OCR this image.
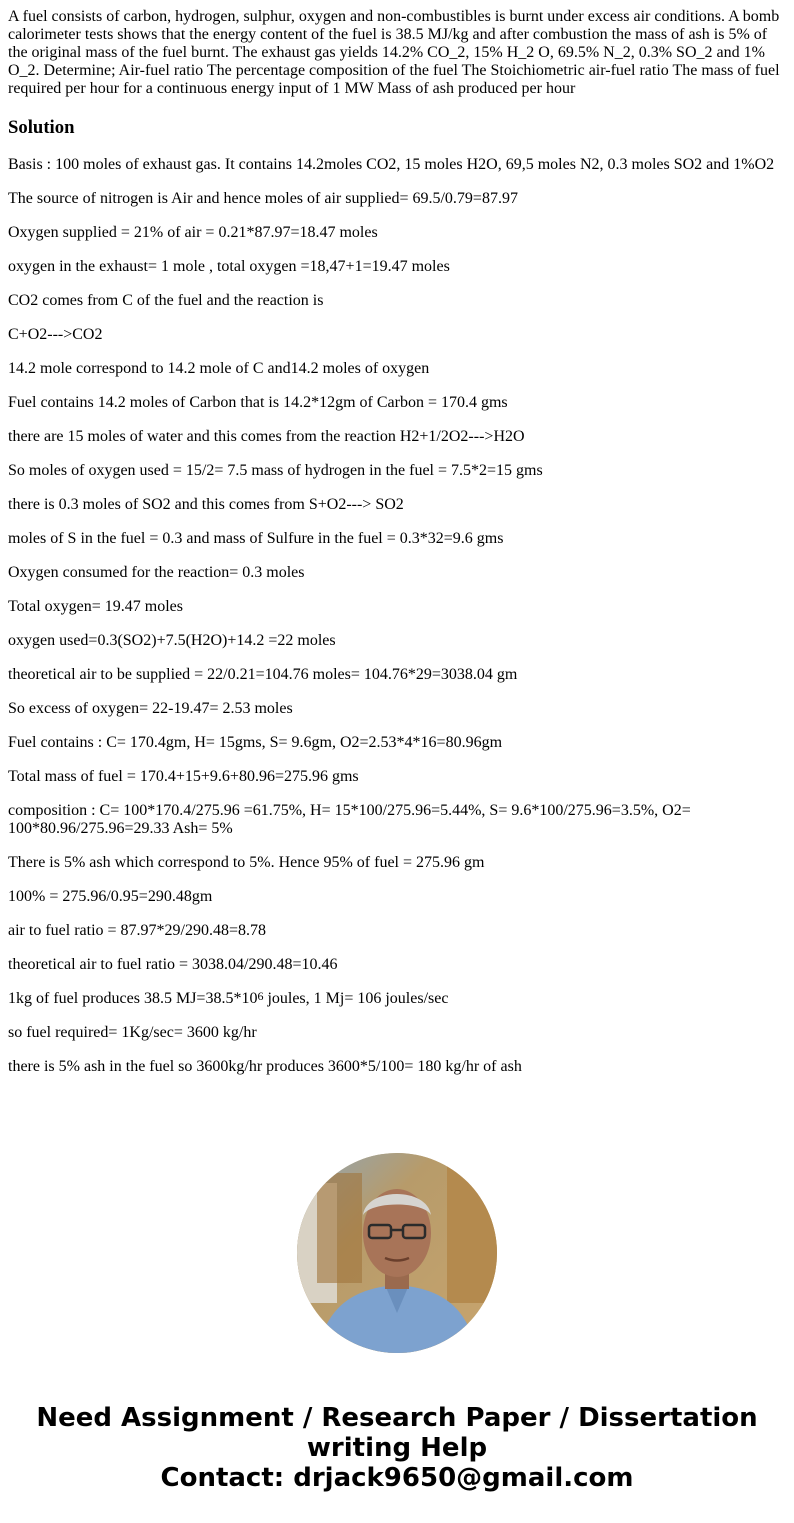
A fuel consists of carbon, hydrogen, sulphur, oxygen and non-combustibles is burnt under excess air conditions. A bomb calorimeter tests shows that the energy content of the fuel is 38.5 MJ/kg and after combustion the mass of ash is 5% of the original mass of the fuel burnt. The exhaust gas yields 14.2% CO_2, 15% H_2 O, 69.5% N_2, 0.3% SO_2 and 1% O_2. Determine; Air-fuel ratio The percentage composition of the fuel The Stoichiometric air-fuel ratio The mass of fuel required per hour for a continuous energy input of 1 MW Mass of ash produced per hour

Solution

Basis : 100 moles of exhaust gas. It contains 14.2moles CO2, 15 moles H2O, 69,5 moles N2, 0.3 moles SO2 and 1%O2

The source of nitrogen is Air and hence moles of air supplied= 69.5/0.79=87.97

Oxygen supplied = 21% of air = 0.21*87.97=18.47 moles

oxygen in the exhaust= 1 mole , total oxygen =18,47+1=19.47 moles

CO2 comes from C of the fuel and the reaction is

C+O2--->CO2

14.2 mole correspond to 14.2 mole of C and14.2 moles of oxygen

Fuel contains 14.2 moles of Carbon that is 14.2*12gm of Carbon = 170.4 gms

there are 15 moles of water and this comes from the reaction H2+1/2O2--->H2O

So moles of oxygen used = 15/2= 7.5 mass of hydrogen in the fuel = 7.5*2=15 gms

there is 0.3 moles of SO2 and this comes from S+O2---> SO2

moles of S in the fuel = 0.3 and mass of Sulfure in the fuel = 0.3*32=9.6 gms

Oxygen consumed for the reaction= 0.3 moles

Total oxygen= 19.47 moles

oxygen used=0.3(SO2)+7.5(H2O)+14.2 =22 moles

theoretical air to be supplied = 22/0.21=104.76 moles= 104.76*29=3038.04 gm

So excess of oxygen= 22-19.47= 2.53 moles

Fuel contains : C= 170.4gm, H= 15gms, S= 9.6gm, O2=2.53*4*16=80.96gm

Total mass of fuel = 170.4+15+9.6+80.96=275.96 gms

composition : C= 100*170.4/275.96 =61.75%, H= 15*100/275.96=5.44%, S= 9.6*100/275.96=3.5%, O2= 100*80.96/275.96=29.33 Ash= 5%

There is 5% ash which correspond to 5%. Hence 95% of fuel = 275.96 gm

100% = 275.96/0.95=290.48gm

air to fuel ratio = 87.97*29/290.48=8.78

theoretical air to fuel ratio = 3038.04/290.48=10.46

1kg of fuel produces 38.5 $MJ=38.5*10^6$ joules, 1 Mj= 106 joules/sec

so fuel required= 1Kg/sec= 3600 kg/hr

there is 5% ash in the fuel so 3600kg/hr produces 3600*5/100= 180 kg/hr of ash

Need Assignment / Research Paper / Dissertation
writing Help
Contact: drjack9650@gmail.com
